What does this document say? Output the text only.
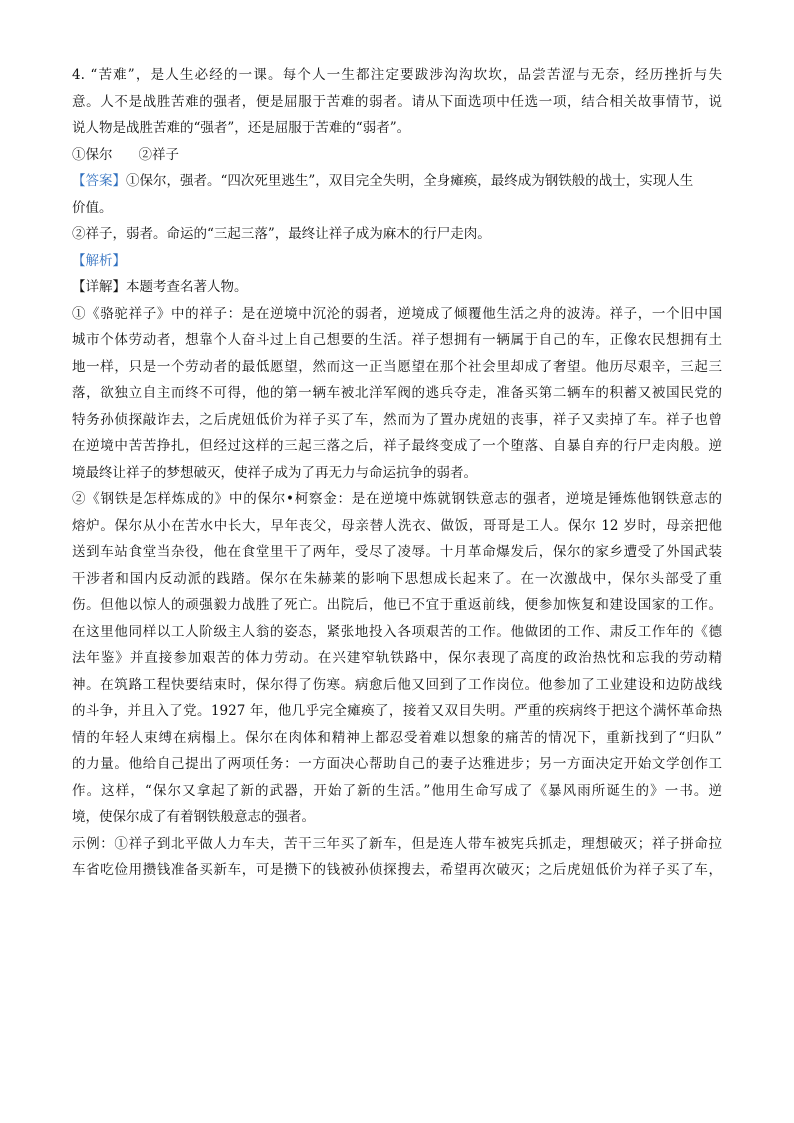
4. “苦难”，是人生必经的一课。每个人一生都注定要跋涉沟沟坎坎，品尝苦涩与无奈，经历挫折与失
意。人不是战胜苦难的强者，便是屈服于苦难的弱者。请从下面选项中任选一项，结合相关故事情节，说
说人物是战胜苦难的“强者”，还是屈服于苦难的“弱者”。
①保尔 ②祥子
【答案】①保尔，强者。“四次死里逃生”，双目完全失明，全身瘫痪，最终成为钢铁般的战士，实现人生
价值。
②祥子，弱者。命运的“三起三落”，最终让祥子成为麻木的行尸走肉。
【解析】
【详解】本题考查名著人物。
①《骆驼祥子》中的祥子：是在逆境中沉沦的弱者，逆境成了倾覆他生活之舟的波涛。祥子，一个旧中国
城市个体劳动者，想靠个人奋斗过上自己想要的生活。祥子想拥有一辆属于自己的车，正像农民想拥有土
地一样，只是一个劳动者的最低愿望，然而这一正当愿望在那个社会里却成了奢望。他历尽艰辛，三起三
落，欲独立自主而终不可得，他的第一辆车被北洋军阀的逃兵夺走，准备买第二辆车的积蓄又被国民党的
特务孙侦探敲诈去，之后虎妞低价为祥子买了车，然而为了置办虎妞的丧事，祥子又卖掉了车。祥子也曾
在逆境中苦苦挣扎，但经过这样的三起三落之后，祥子最终变成了一个堕落、自暴自弃的行尸走肉般。逆
境最终让祥子的梦想破灭，使祥子成为了再无力与命运抗争的弱者。
②《钢铁是怎样炼成的》中的保尔•柯察金：是在逆境中炼就钢铁意志的强者，逆境是锤炼他钢铁意志的
熔炉。保尔从小在苦水中长大，早年丧父，母亲替人洗衣、做饭，哥哥是工人。保尔 12 岁时，母亲把他
送到车站食堂当杂役，他在食堂里干了两年，受尽了凌辱。十月革命爆发后，保尔的家乡遭受了外国武装
干涉者和国内反动派的践踏。保尔在朱赫莱的影响下思想成长起来了。在一次激战中，保尔头部受了重
伤。但他以惊人的顽强毅力战胜了死亡。出院后，他已不宜于重返前线，便参加恢复和建设国家的工作。
在这里他同样以工人阶级主人翁的姿态，紧张地投入各项艰苦的工作。他做团的工作、肃反工作年的《德
法年鉴》并直接参加艰苦的体力劳动。在兴建窄轨铁路中，保尔表现了高度的政治热忱和忘我的劳动精
神。在筑路工程快要结束时，保尔得了伤寒。病愈后他又回到了工作岗位。他参加了工业建设和边防战线
的斗争，并且入了党。1927 年，他几乎完全瘫痪了，接着又双目失明。严重的疾病终于把这个满怀革命热
情的年轻人束缚在病榻上。保尔在肉体和精神上都忍受着难以想象的痛苦的情况下，重新找到了“归队”
的力量。他给自己提出了两项任务：一方面决心帮助自己的妻子达雅进步；另一方面决定开始文学创作工
作。这样，“保尔又拿起了新的武器，开始了新的生活。”他用生命写成了《暴风雨所诞生的》一书。逆
境，使保尔成了有着钢铁般意志的强者。
示例：①祥子到北平做人力车夫，苦干三年买了新车，但是连人带车被宪兵抓走，理想破灭；祥子拼命拉
车省吃俭用攒钱准备买新车，可是攒下的钱被孙侦探搜去，希望再次破灭；之后虎妞低价为祥子买了车，
